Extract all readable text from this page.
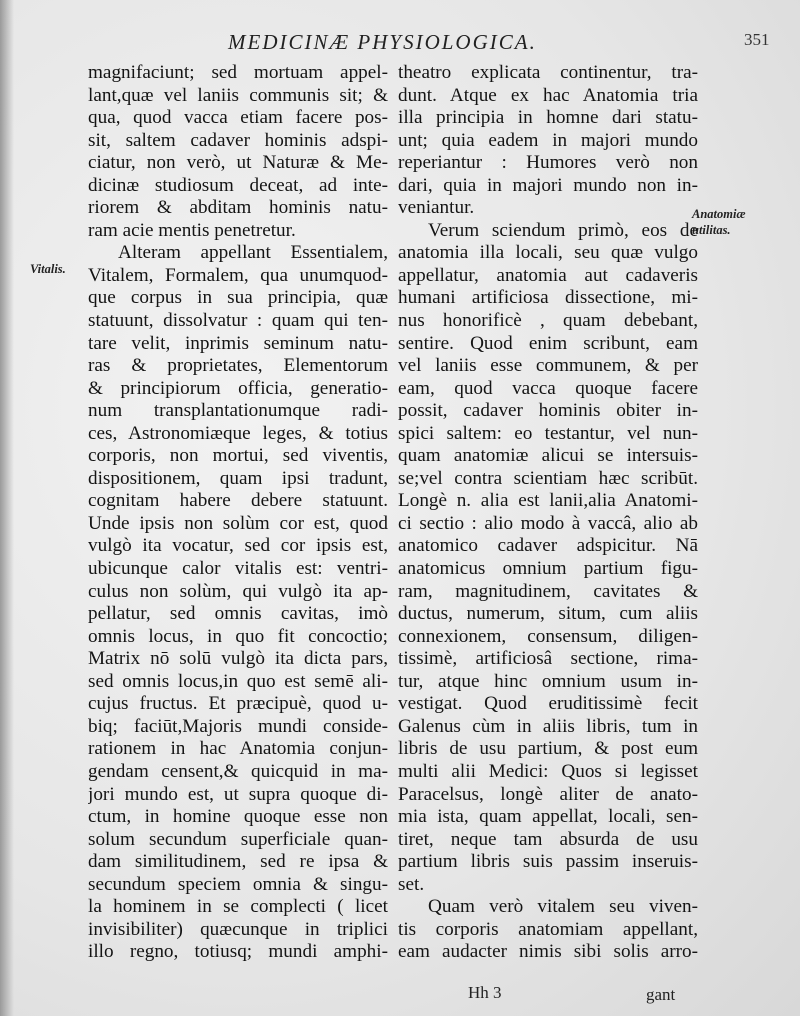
MEDICINÆ PHYSIOLOGICA.	351
Vitalis.
Anatomiæ
utilitas.
magnifaciunt; sed mortuam appel-
lant,quæ vel laniis communis sit; &
qua, quod vacca etiam facere pos-
sit, saltem cadaver hominis adspi-
ciatur, non verò, ut Naturæ & Me-
dicinæ studiosum deceat, ad inte-
riorem & abditam hominis natu-
ram acie mentis penetretur.
Alteram appellant Essentialem,
Vitalem, Formalem, qua unumquod-
que corpus in sua principia, quæ
statuunt, dissolvatur : quam qui ten-
tare velit, inprimis seminum natu-
ras & proprietates, Elementorum
& principiorum officia, generatio-
num transplantationumque radi-
ces, Astronomiæque leges, & totius
corporis, non mortui, sed viventis,
dispositionem, quam ipsi tradunt,
cognitam habere debere statuunt.
Unde ipsis non solùm cor est, quod
vulgò ita vocatur, sed cor ipsis est,
ubicunque calor vitalis est: ventri-
culus non solùm, qui vulgò ita ap-
pellatur, sed omnis cavitas, imò
omnis locus, in quo fit concoctio;
Matrix nō solū vulgò ita dicta pars,
sed omnis locus,in quo est semē ali-
cujus fructus. Et præcipuè, quod u-
biq; faciūt,Majoris mundi conside-
rationem in hac Anatomia conjun-
gendam censent,& quicquid in ma-
jori mundo est, ut supra quoque di-
ctum, in homine quoque esse non
solum secundum superficiale quan-
dam similitudinem, sed re ipsa &
secundum speciem omnia & singu-
la hominem in se complecti ( licet
invisibiliter) quæcunque in triplici
illo regno, totiusq; mundi amphi-
theatro explicata continentur, tra-
dunt. Atque ex hac Anatomia tria
illa principia in homne dari statu-
unt; quia eadem in majori mundo
reperiantur : Humores verò non
dari, quia in majori mundo non in-
veniantur.
Verum sciendum primò, eos de
anatomia illa locali, seu quæ vulgo
appellatur, anatomia aut cadaveris
humani artificiosa dissectione, mi-
nus honorificè , quam debebant,
sentire. Quod enim scribunt, eam
vel laniis esse communem, & per
eam, quod vacca quoque facere
possit, cadaver hominis obiter in-
spici saltem: eo testantur, vel nun-
quam anatomiæ alicui se intersuis-
se;vel contra scientiam hæc scribūt.
Longè n. alia est lanii,alia Anatomi-
ci sectio : alio modo à vaccâ, alio ab
anatomico cadaver adspicitur. Nā
anatomicus omnium partium figu-
ram, magnitudinem, cavitates &
ductus, numerum, situm, cum aliis
connexionem, consensum, diligen-
tissimè, artificiosâ sectione, rima-
tur, atque hinc omnium usum in-
vestigat. Quod eruditissimè fecit
Galenus cùm in aliis libris, tum in
libris de usu partium, & post eum
multi alii Medici: Quos si legisset
Paracelsus, longè aliter de anato-
mia ista, quam appellat, locali, sen-
tiret, neque tam absurda de usu
partium libris suis passim inseruis-
set.
Quam verò vitalem seu viven-
tis corporis anatomiam appellant,
eam audacter nimis sibi solis arro-
Hh 3	gant
